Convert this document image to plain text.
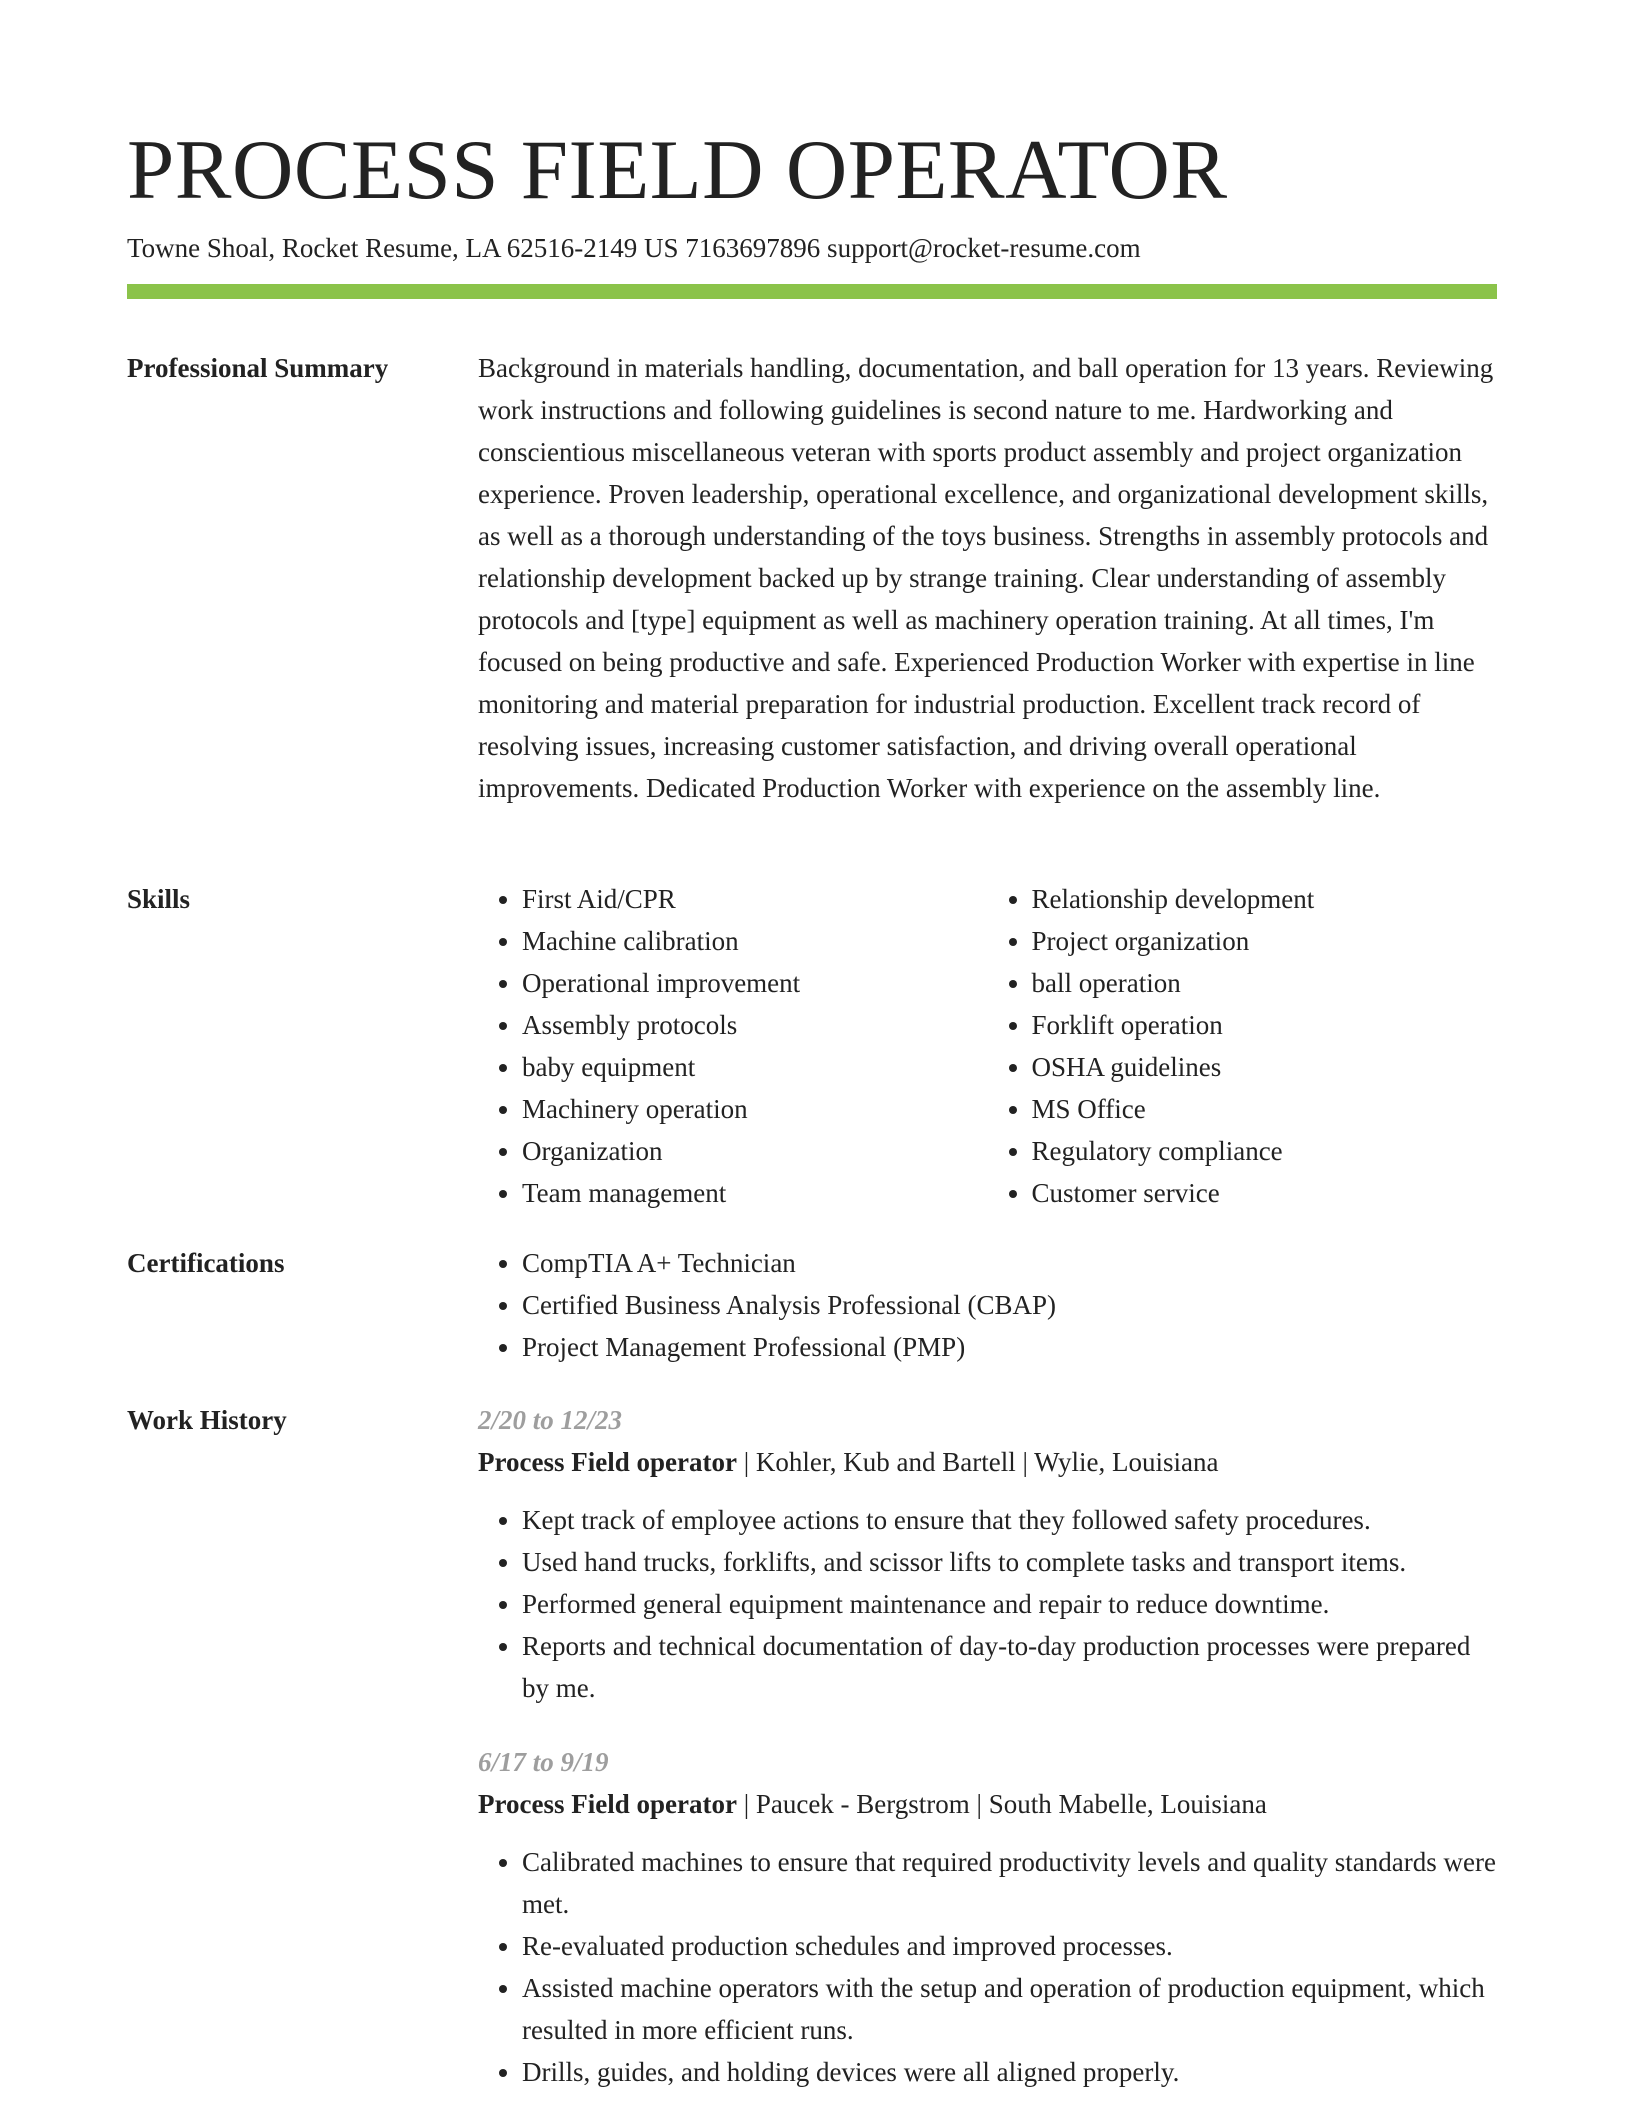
PROCESS FIELD OPERATOR
Towne Shoal, Rocket Resume, LA 62516-2149 US 7163697896 support@rocket-resume.com
Professional Summary	Background in materials handling, documentation, and ball operation for 13 years. Reviewing work instructions and following guidelines is second nature to me. Hardworking and conscientious miscellaneous veteran with sports product assembly and project organization experience. Proven leadership, operational excellence, and organizational development skills, as well as a thorough understanding of the toys business. Strengths in assembly protocols and relationship development backed up by strange training. Clear understanding of assembly protocols and [type] equipment as well as machinery operation training. At all times, I'm focused on being productive and safe. Experienced Production Worker with expertise in line monitoring and material preparation for industrial production. Excellent track record of resolving issues, increasing customer satisfaction, and driving overall operational improvements. Dedicated Production Worker with experience on the assembly line.

Skills	• First Aid/CPR
• Machine calibration
• Operational improvement
• Assembly protocols
• baby equipment
• Machinery operation
• Organization
• Team management
• Relationship development
• Project organization
• ball operation
• Forklift operation
• OSHA guidelines
• MS Office
• Regulatory compliance
• Customer service
Certifications	• CompTIA A+ Technician
• Certified Business Analysis Professional (CBAP)
• Project Management Professional (PMP)
Work History	2/20 to 12/23
Process Field operator | Kohler, Kub and Bartell | Wylie, Louisiana
• Kept track of employee actions to ensure that they followed safety procedures.
• Used hand trucks, forklifts, and scissor lifts to complete tasks and transport items.
• Performed general equipment maintenance and repair to reduce downtime.
• Reports and technical documentation of day-to-day production processes were prepared by me.
6/17 to 9/19
Process Field operator | Paucek - Bergstrom | South Mabelle, Louisiana
• Calibrated machines to ensure that required productivity levels and quality standards were met.
• Re-evaluated production schedules and improved processes.
• Assisted machine operators with the setup and operation of production equipment, which resulted in more efficient runs.
• Drills, guides, and holding devices were all aligned properly.
